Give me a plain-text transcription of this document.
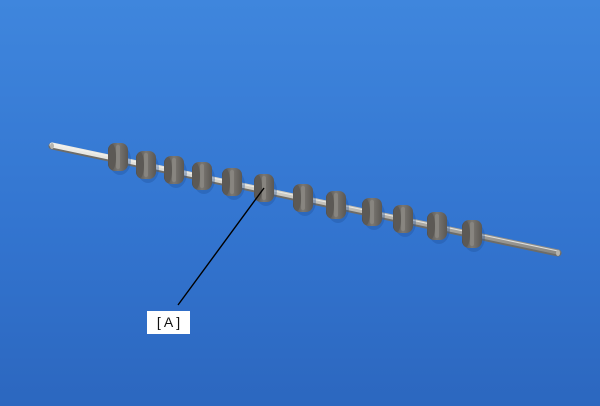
[ A ]
